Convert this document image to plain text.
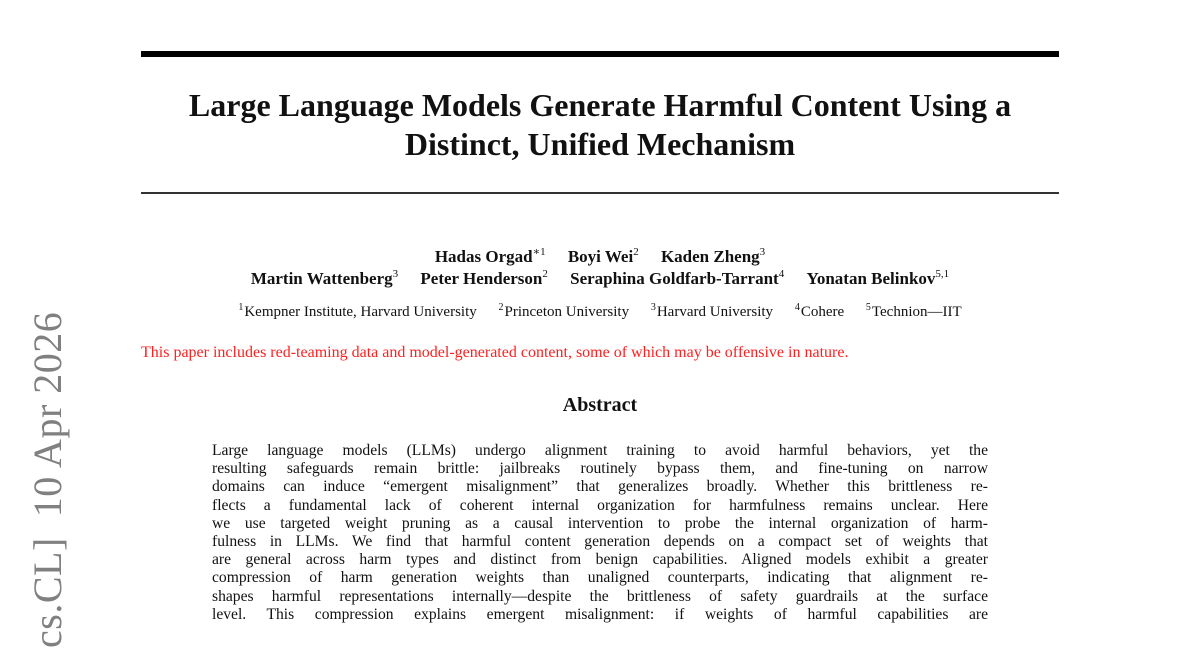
cs.CL]10 Apr 2026
Large Language Models Generate Harmful Content Using a
Distinct, Unified Mechanism
Hadas Orgad$^{∗1}$ Boyi Wei$^2$ Kaden Zheng$^3$
Martin Wattenberg$^3$ Peter Henderson$^2$ Seraphina Goldfarb-Tarrant$^4$ Yonatan Belinkov$^{5,1}$
$^1$Kempner Institute, Harvard University $^2$Princeton University $^3$Harvard University $^4$Cohere $^5$Technion—IIT
This paper includes red-teaming data and model-generated content, some of which may be offensive in nature.
Abstract
Large language models (LLMs) undergo alignment training to avoid harmful behaviors, yet the
resulting safeguards remain brittle: jailbreaks routinely bypass them, and fine-tuning on narrow
domains can induce “emergent misalignment” that generalizes broadly. Whether this brittleness re-
flects a fundamental lack of coherent internal organization for harmfulness remains unclear. Here
we use targeted weight pruning as a causal intervention to probe the internal organization of harm-
fulness in LLMs. We find that harmful content generation depends on a compact set of weights that
are general across harm types and distinct from benign capabilities. Aligned models exhibit a greater
compression of harm generation weights than unaligned counterparts, indicating that alignment re-
shapes harmful representations internally—despite the brittleness of safety guardrails at the surface
level. This compression explains emergent misalignment: if weights of harmful capabilities are
